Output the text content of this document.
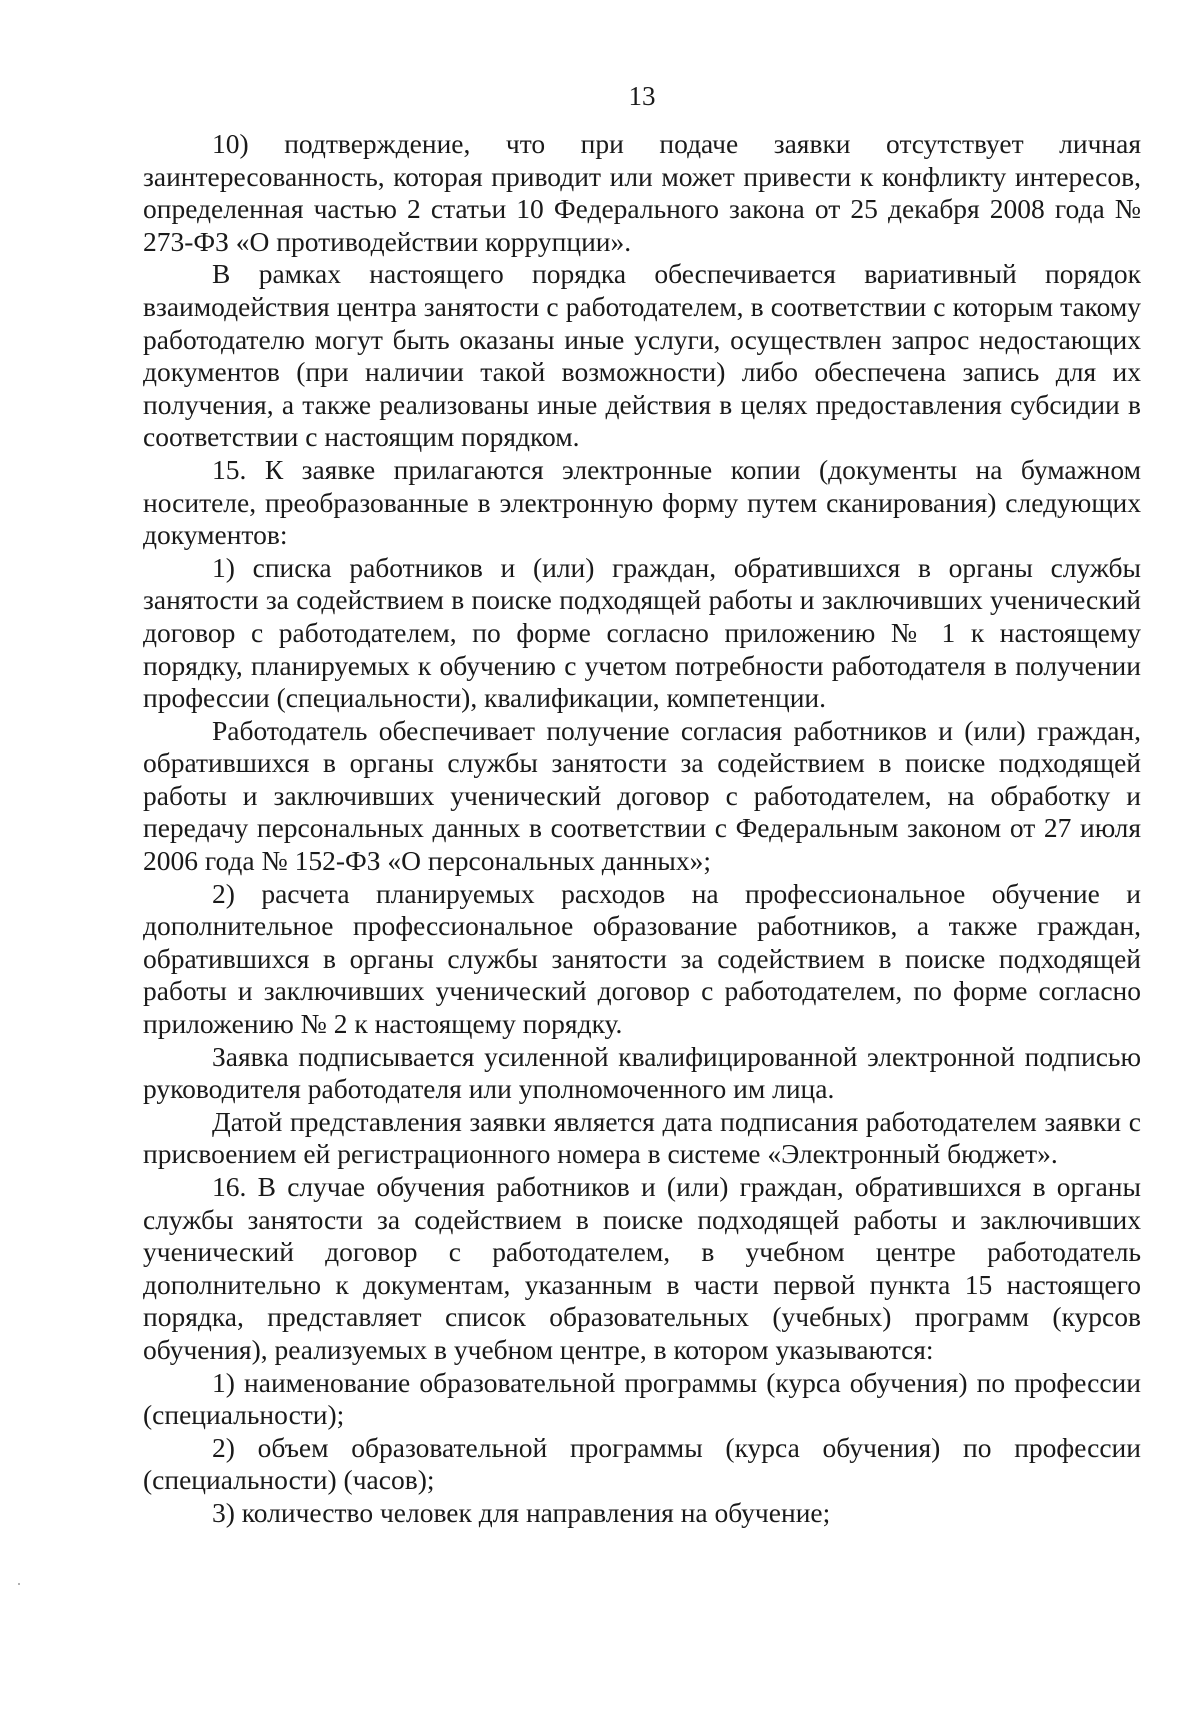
13

10) подтверждение, что при подаче заявки отсутствует личная заинтересованность, которая приводит или может привести к конфликту интересов, определенная частью 2 статьи 10 Федерального закона от 25 декабря 2008 года № 273-ФЗ «О противодействии коррупции».

В рамках настоящего порядка обеспечивается вариативный порядок взаимодействия центра занятости с работодателем, в соответствии с которым такому работодателю могут быть оказаны иные услуги, осуществлен запрос недостающих документов (при наличии такой возможности) либо обеспечена запись для их получения, а также реализованы иные действия в целях предоставления субсидии в соответствии с настоящим порядком.

15. К заявке прилагаются электронные копии (документы на бумажном носителе, преобразованные в электронную форму путем сканирования) следующих документов:

1) списка работников и (или) граждан, обратившихся в органы службы занятости за содействием в поиске подходящей работы и заключивших ученический договор с работодателем, по форме согласно приложению № 1 к настоящему порядку, планируемых к обучению с учетом потребности работодателя в получении профессии (специальности), квалификации, компетенции.

Работодатель обеспечивает получение согласия работников и (или) граждан, обратившихся в органы службы занятости за содействием в поиске подходящей работы и заключивших ученический договор с работодателем, на обработку и передачу персональных данных в соответствии с Федеральным законом от 27 июля 2006 года № 152-ФЗ «О персональных данных»;

2) расчета планируемых расходов на профессиональное обучение и дополнительное профессиональное образование работников, а также граждан, обратившихся в органы службы занятости за содействием в поиске подходящей работы и заключивших ученический договор с работодателем, по форме согласно приложению № 2 к настоящему порядку.

Заявка подписывается усиленной квалифицированной электронной подписью руководителя работодателя или уполномоченного им лица.

Датой представления заявки является дата подписания работодателем заявки с присвоением ей регистрационного номера в системе «Электронный бюджет».

16. В случае обучения работников и (или) граждан, обратившихся в органы службы занятости за содействием в поиске подходящей работы и заключивших ученический договор с работодателем, в учебном центре работодатель дополнительно к документам, указанным в части первой пункта 15 настоящего порядка, представляет список образовательных (учебных) программ (курсов обучения), реализуемых в учебном центре, в котором указываются:

1) наименование образовательной программы (курса обучения) по профессии (специальности);

2) объем образовательной программы (курса обучения) по профессии (специальности) (часов);

3) количество человек для направления на обучение;
